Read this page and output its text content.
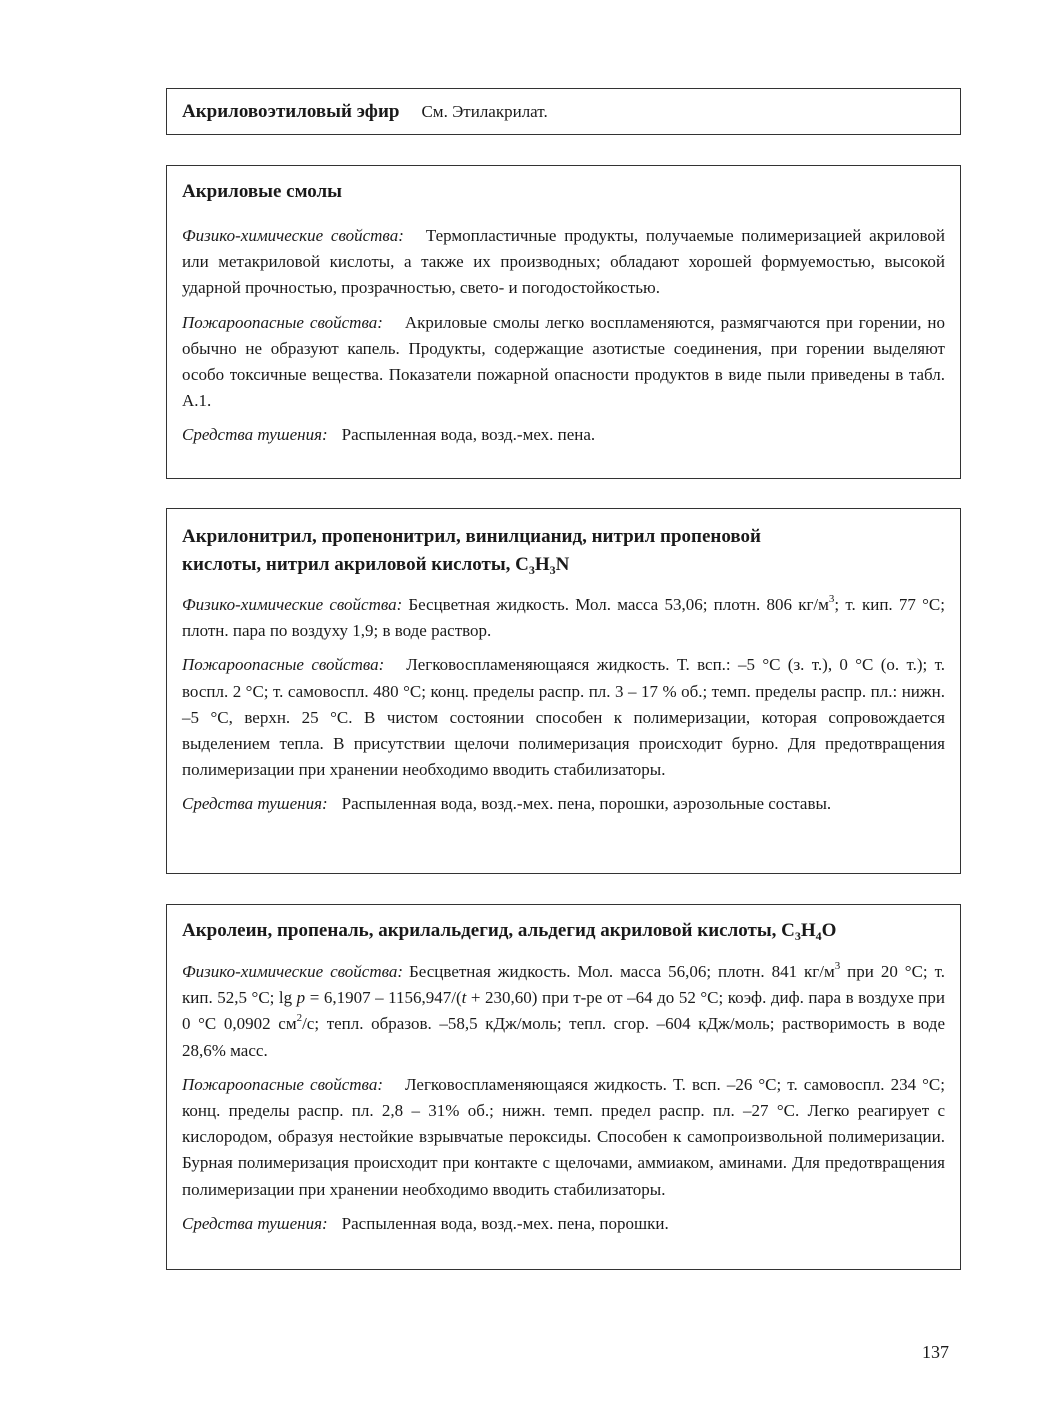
Акриловоэтиловый эфир См. Этилакрилат.

Акриловые смолы

Физико-химические свойства: Термопластичные продукты, получаемые полимеризацией акриловой или метакриловой кислоты, а также их производных; обладают хорошей формуемостью, высокой ударной прочностью, прозрачностью, свето- и погодостойкостью.

Пожароопасные свойства: Акриловые смолы легко воспламеняются, размягчаются при горении, но обычно не образуют капель. Продукты, содержащие азотистые соединения, при горении выделяют особо токсичные вещества. Показатели пожарной опасности продуктов в виде пыли приведены в табл. А.1.

Средства тушения: Распыленная вода, возд.-мех. пена.

Акрилонитрил, пропенонитрил, винилцианид, нитрил пропеновой
кислоты, нитрил акриловой кислоты, $C_3H_3N$

Физико-химические свойства: Бесцветная жидкость. Мол. масса 53,06; плотн. 806 $кг/м^3$; т. кип. 77 °С; плотн. пара по воздуху 1,9; в воде раствор.

Пожароопасные свойства: Легковоспламеняющаяся жидкость. Т. всп.: –5 °С (з. т.), 0 °С (о. т.); т. воспл. 2 °С; т. самовоспл. 480 °С; конц. пределы распр. пл. 3 – 17 % об.; темп. пределы распр. пл.: нижн. –5 °С, верхн. 25 °С. В чистом состоянии способен к полимеризации, которая сопровождается выделением тепла. В присутствии щелочи полимеризация происходит бурно. Для предотвращения полимеризации при хранении необходимо вводить стабилизаторы.

Средства тушения: Распыленная вода, возд.-мех. пена, порошки, аэрозольные составы.

Акролеин, пропеналь, акрилальдегид, альдегид акриловой кислоты, $C_3H_4O$

Физико-химические свойства: Бесцветная жидкость. Мол. масса 56,06; плотн. 841 $кг/м^3$ при 20 °С; т. кип. 52,5 °С; lg p = 6,1907 – 1156,947/(t + 230,60) при т-ре от –64 до 52 °С; коэф. диф. пара в воздухе при 0 °С 0,0902 $см^2/с$; тепл. образов. –58,5 кДж/моль; тепл. сгор. –604 кДж/моль; растворимость в воде 28,6% масс.

Пожароопасные свойства: Легковоспламеняющаяся жидкость. Т. всп. –26 °С; т. самовоспл. 234 °С; конц. пределы распр. пл. 2,8 – 31% об.; нижн. темп. предел распр. пл. –27 °С. Легко реагирует с кислородом, образуя нестойкие взрывчатые пероксиды. Способен к самопроизвольной полимеризации. Бурная полимеризация происходит при контакте с щелочами, аммиаком, аминами. Для предотвращения полимеризации при хранении необходимо вводить стабилизаторы.

Средства тушения: Распыленная вода, возд.-мех. пена, порошки.

137
